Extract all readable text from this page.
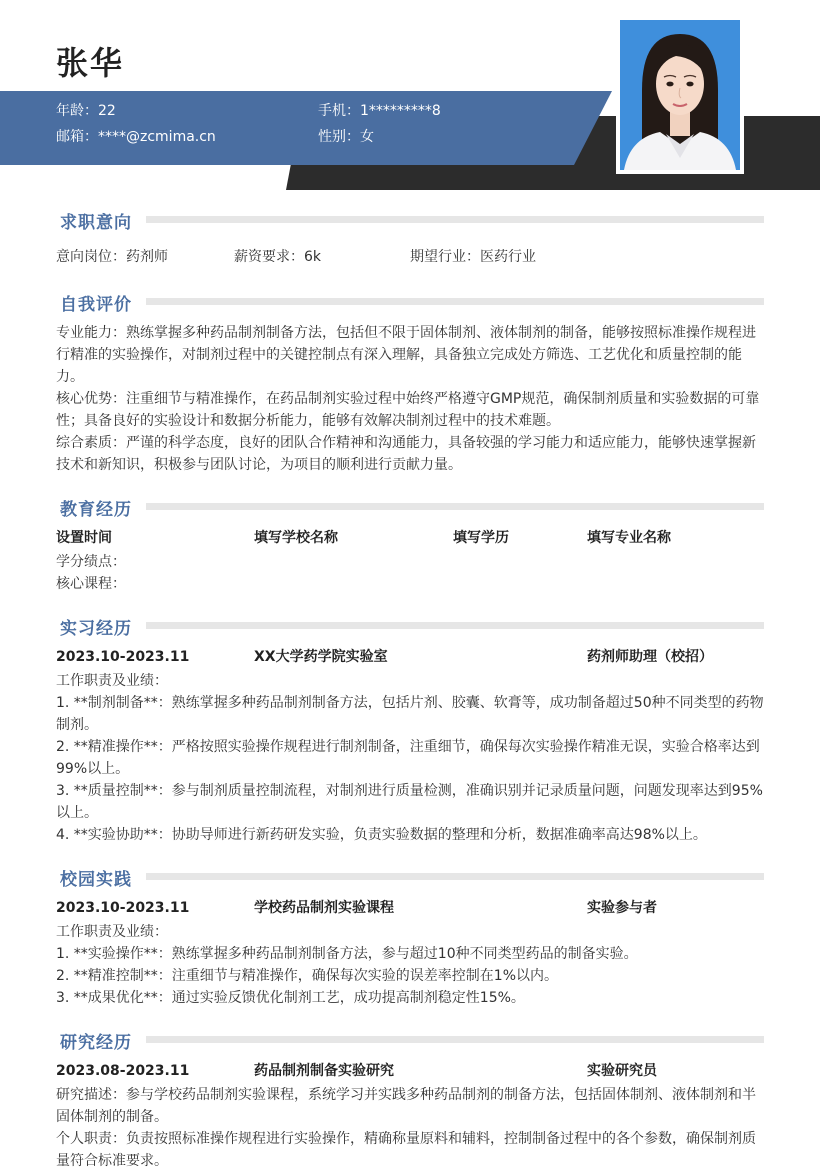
张华
年龄：22
邮箱：****@zcmima.cn
手机：1*********8
性别：女
求职意向
意向岗位：药剂师	薪资要求：6k	期望行业：医药行业
自我评价
专业能力：熟练掌握多种药品制剂制备方法，包括但不限于固体制剂、液体制剂的制备，能够按照标准操作规程进行精准的实验操作，对制剂过程中的关键控制点有深入理解，具备独立完成处方筛选、工艺优化和质量控制的能力。
核心优势：注重细节与精准操作，在药品制剂实验过程中始终严格遵守GMP规范，确保制剂质量和实验数据的可靠性；具备良好的实验设计和数据分析能力，能够有效解决制剂过程中的技术难题。
综合素质：严谨的科学态度，良好的团队合作精神和沟通能力，具备较强的学习能力和适应能力，能够快速掌握新技术和新知识，积极参与团队讨论，为项目的顺利进行贡献力量。
教育经历
设置时间	填写学校名称	填写学历	填写专业名称
学分绩点：
核心课程：
实习经历
2023.10-2023.11	XX大学药学院实验室	药剂师助理（校招）
工作职责及业绩：
1. **制剂制备**：熟练掌握多种药品制剂制备方法，包括片剂、胶囊、软膏等，成功制备超过50种不同类型的药物制剂。
2. **精准操作**：严格按照实验操作规程进行制剂制备，注重细节，确保每次实验操作精准无误，实验合格率达到99%以上。
3. **质量控制**：参与制剂质量控制流程，对制剂进行质量检测，准确识别并记录质量问题，问题发现率达到95%以上。
4. **实验协助**：协助导师进行新药研发实验，负责实验数据的整理和分析，数据准确率高达98%以上。
校园实践
2023.10-2023.11	学校药品制剂实验课程	实验参与者
工作职责及业绩：
1. **实验操作**：熟练掌握多种药品制剂制备方法，参与超过10种不同类型药品的制备实验。
2. **精准控制**：注重细节与精准操作，确保每次实验的误差率控制在1%以内。
3. **成果优化**：通过实验反馈优化制剂工艺，成功提高制剂稳定性15%。
研究经历
2023.08-2023.11	药品制剂制备实验研究	实验研究员
研究描述：参与学校药品制剂实验课程，系统学习并实践多种药品制剂的制备方法，包括固体制剂、液体制剂和半固体制剂的制备。
个人职责：负责按照标准操作规程进行实验操作，精确称量原料和辅料，控制制备过程中的各个参数，确保制剂质量符合标准要求。
